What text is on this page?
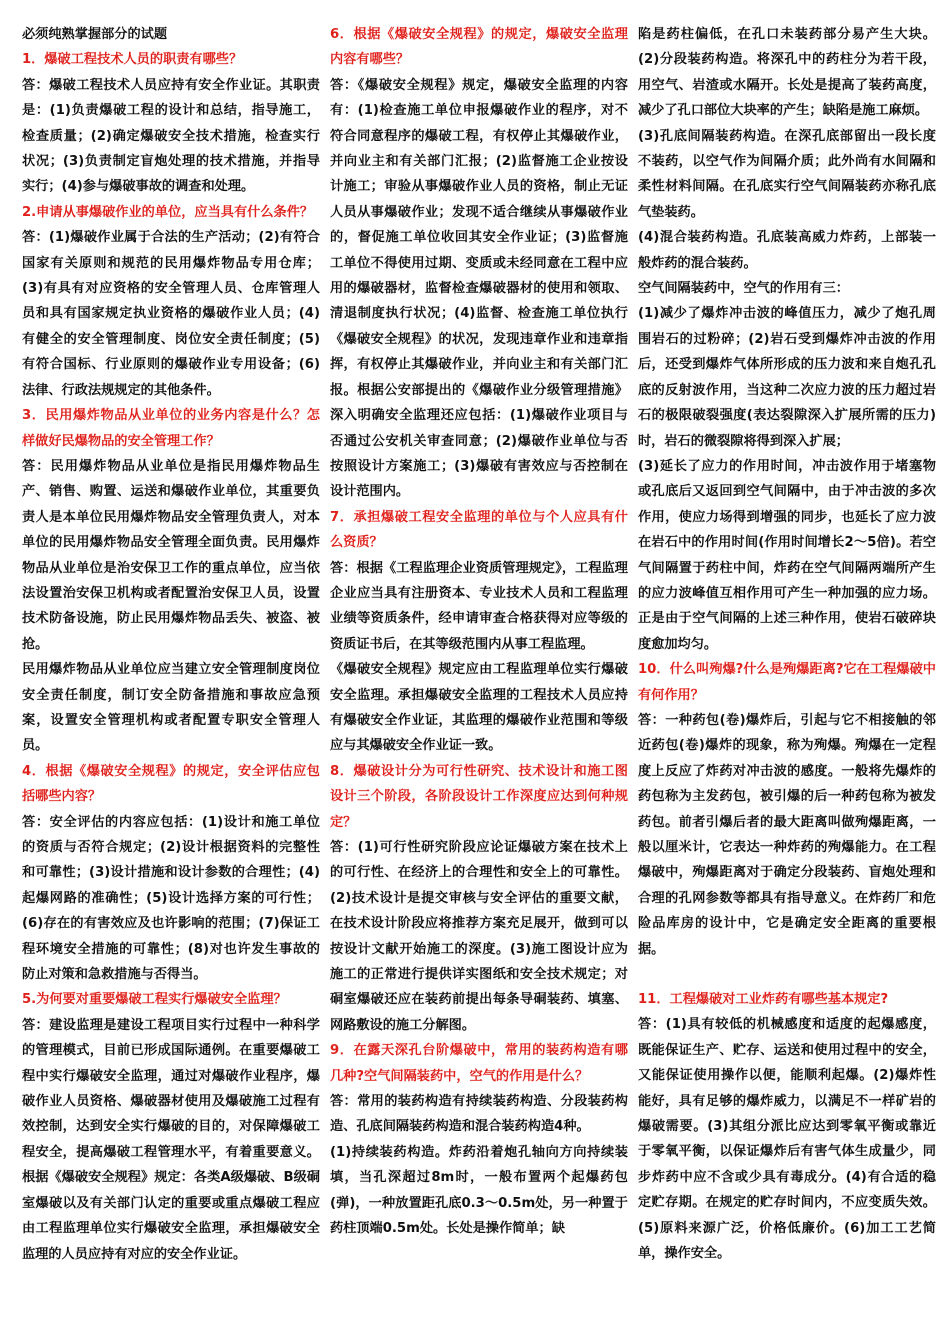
必须纯熟掌握部分的试题

1．爆破工程技术人员的职责有哪些？

答：爆破工程技术人员应持有安全作业证。其职责是：(1)负责爆破工程的设计和总结，指导施工，检查质量；(2)确定爆破安全技术措施，检查实行状况；(3)负责制定盲炮处理的技术措施，并指导实行；(4)参与爆破事故的调查和处理。

2.申请从事爆破作业的单位，应当具有什么条件？

答：(1)爆破作业属于合法的生产活动；(2)有符合国家有关原则和规范的民用爆炸物品专用仓库；(3)有具有对应资格的安全管理人员、仓库管理人员和具有国家规定执业资格的爆破作业人员；(4)有健全的安全管理制度、岗位安全责任制度；(5)有符合国标、行业原则的爆破作业专用设备；(6)法律、行政法规规定的其他条件。

3．民用爆炸物品从业单位的业务内容是什么？怎样做好民爆物品的安全管理工作？

答：民用爆炸物品从业单位是指民用爆炸物品生产、销售、购置、运送和爆破作业单位，其重要负责人是本单位民用爆炸物品安全管理负责人，对本单位的民用爆炸物品安全管理全面负责。民用爆炸物品从业单位是治安保卫工作的重点单位，应当依法设置治安保卫机构或者配置治安保卫人员，设置技术防备设施，防止民用爆炸物品丢失、被盗、被抢。

民用爆炸物品从业单位应当建立安全管理制度岗位安全责任制度，制订安全防备措施和事故应急预案，设置安全管理机构或者配置专职安全管理人员。

4．根据《爆破安全规程》的规定，安全评估应包括哪些内容？

答：安全评估的内容应包括：(1)设计和施工单位的资质与否符合规定；(2)设计根据资料的完整性和可靠性；(3)设计措施和设计参数的合理性；(4)起爆网路的准确性；(5)设计选择方案的可行性；(6)存在的有害效应及也许影响的范围；(7)保证工程环境安全措施的可靠性；(8)对也许发生事故的防止对策和急救措施与否得当。

5.为何要对重要爆破工程实行爆破安全监理？

答：建设监理是建设工程项目实行过程中一种科学的管理模式，目前已形成国际通例。在重要爆破工程中实行爆破安全监理，通过对爆破作业程序，爆破作业人员资格、爆破器材使用及爆破施工过程有效控制，达到安全实行爆破的目的，对保障爆破工程安全，提高爆破工程管理水平，有着重要意义。根据《爆破安全规程》规定：各类A级爆破、B级硐室爆破以及有关部门认定的重要或重点爆破工程应由工程监理单位实行爆破安全监理，承担爆破安全监理的人员应持有对应的安全作业证。

6．根据《爆破安全规程》的规定，爆破安全监理内容有哪些？

答：《爆破安全规程》规定，爆破安全监理的内容有：(1)检查施工单位申报爆破作业的程序，对不符合同意程序的爆破工程，有权停止其爆破作业，并向业主和有关部门汇报；(2)监督施工企业按设计施工；审验从事爆破作业人员的资格，制止无证人员从事爆破作业；发现不适合继续从事爆破作业的，督促施工单位收回其安全作业证；(3)监督施工单位不得使用过期、变质或未经同意在工程中应用的爆破器材，监督检查爆破器材的使用和领取、清退制度执行状况；(4)监督、检查施工单位执行《爆破安全规程》的状况，发现违章作业和违章指挥，有权停止其爆破作业，并向业主和有关部门汇报。根据公安部提出的《爆破作业分级管理措施》深入明确安全监理还应包括：(1)爆破作业项目与否通过公安机关审查同意；(2)爆破作业单位与否按照设计方案施工；(3)爆破有害效应与否控制在设计范围内。

7．承担爆破工程安全监理的单位与个人应具有什么资质？

答：根据《工程监理企业资质管理规定》，工程监理企业应当具有注册资本、专业技术人员和工程监理业绩等资质条件，经申请审查合格获得对应等级的资质证书后，在其等级范围内从事工程监理。

《爆破安全规程》规定应由工程监理单位实行爆破安全监理。承担爆破安全监理的工程技术人员应持有爆破安全作业证，其监理的爆破作业范围和等级应与其爆破安全作业证一致。

8．爆破设计分为可行性研究、技术设计和施工图设计三个阶段，各阶段设计工作深度应达到何种规定？

答：(1)可行性研究阶段应论证爆破方案在技术上的可行性、在经济上的合理性和安全上的可靠性。(2)技术设计是提交审核与安全评估的重要文献，在技术设计阶段应将推荐方案充足展开，做到可以按设计文献开始施工的深度。(3)施工图设计应为施工的正常进行提供详实图纸和安全技术规定；对硐室爆破还应在装药前提出每条导硐装药、填塞、网路敷设的施工分解图。

9．在露天深孔台阶爆破中，常用的装药构造有哪几种?空气间隔装药中，空气的作用是什么？

答：常用的装药构造有持续装药构造、分段装药构造、孔底间隔装药构造和混合装药构造4种。

(1)持续装药构造。炸药沿着炮孔轴向方向持续装填，当孔深超过8m时，一般布置两个起爆药包(弹)，一种放置距孔底0.3～0.5m处，另一种置于药柱顶端0.5m处。长处是操作简单；缺

陷是药柱偏低，在孔口未装药部分易产生大块。(2)分段装药构造。将深孔中的药柱分为若干段，用空气、岩渣或水隔开。长处是提高了装药高度，减少了孔口部位大块率的产生；缺陷是施工麻烦。

(3)孔底间隔装药构造。在深孔底部留出一段长度不装药，以空气作为间隔介质；此外尚有水间隔和柔性材料间隔。在孔底实行空气间隔装药亦称孔底气垫装药。

(4)混合装药构造。孔底装高威力炸药，上部装一般炸药的混合装药。

空气间隔装药中，空气的作用有三：

(1)减少了爆炸冲击波的峰值压力，减少了炮孔周围岩石的过粉碎；(2)岩石受到爆炸冲击波的作用后，还受到爆炸气体所形成的压力波和来自炮孔孔底的反射波作用，当这种二次应力波的压力超过岩石的极限破裂强度(表达裂隙深入扩展所需的压力)时，岩石的微裂隙将得到深入扩展；

(3)延长了应力的作用时间，冲击波作用于堵塞物或孔底后又返回到空气间隔中，由于冲击波的多次作用，使应力场得到增强的同步，也延长了应力波在岩石中的作用时间(作用时间增长2～5倍)。若空气间隔置于药柱中间，炸药在空气间隔两端所产生的应力波峰值互相作用可产生一种加强的应力场。正是由于空气间隔的上述三种作用，使岩石破碎块度愈加均匀。

10．什么叫殉爆?什么是殉爆距离?它在工程爆破中有何作用？

答：一种药包(卷)爆炸后，引起与它不相接触的邻近药包(卷)爆炸的现象，称为殉爆。殉爆在一定程度上反应了炸药对冲击波的感度。一般将先爆炸的药包称为主发药包，被引爆的后一种药包称为被发药包。前者引爆后者的最大距离叫做殉爆距离，一般以厘米计，它表达一种炸药的殉爆能力。在工程爆破中，殉爆距离对于确定分段装药、盲炮处理和合理的孔网参数等都具有指导意义。在炸药厂和危险品库房的设计中，它是确定安全距离的重要根据。

11．工程爆破对工业炸药有哪些基本规定?

答：(1)具有较低的机械感度和适度的起爆感度，既能保证生产、贮存、运送和使用过程中的安全，又能保证使用操作以便，能顺利起爆。(2)爆炸性能好，具有足够的爆炸威力，以满足不一样矿岩的爆破需要。(3)其组分派比应达到零氧平衡或靠近于零氧平衡，以保证爆炸后有害气体生成量少，同步炸药中应不含或少具有毒成分。(4)有合适的稳定贮存期。在规定的贮存时间内，不应变质失效。(5)原料来源广泛，价格低廉价。(6)加工工艺简单，操作安全。
